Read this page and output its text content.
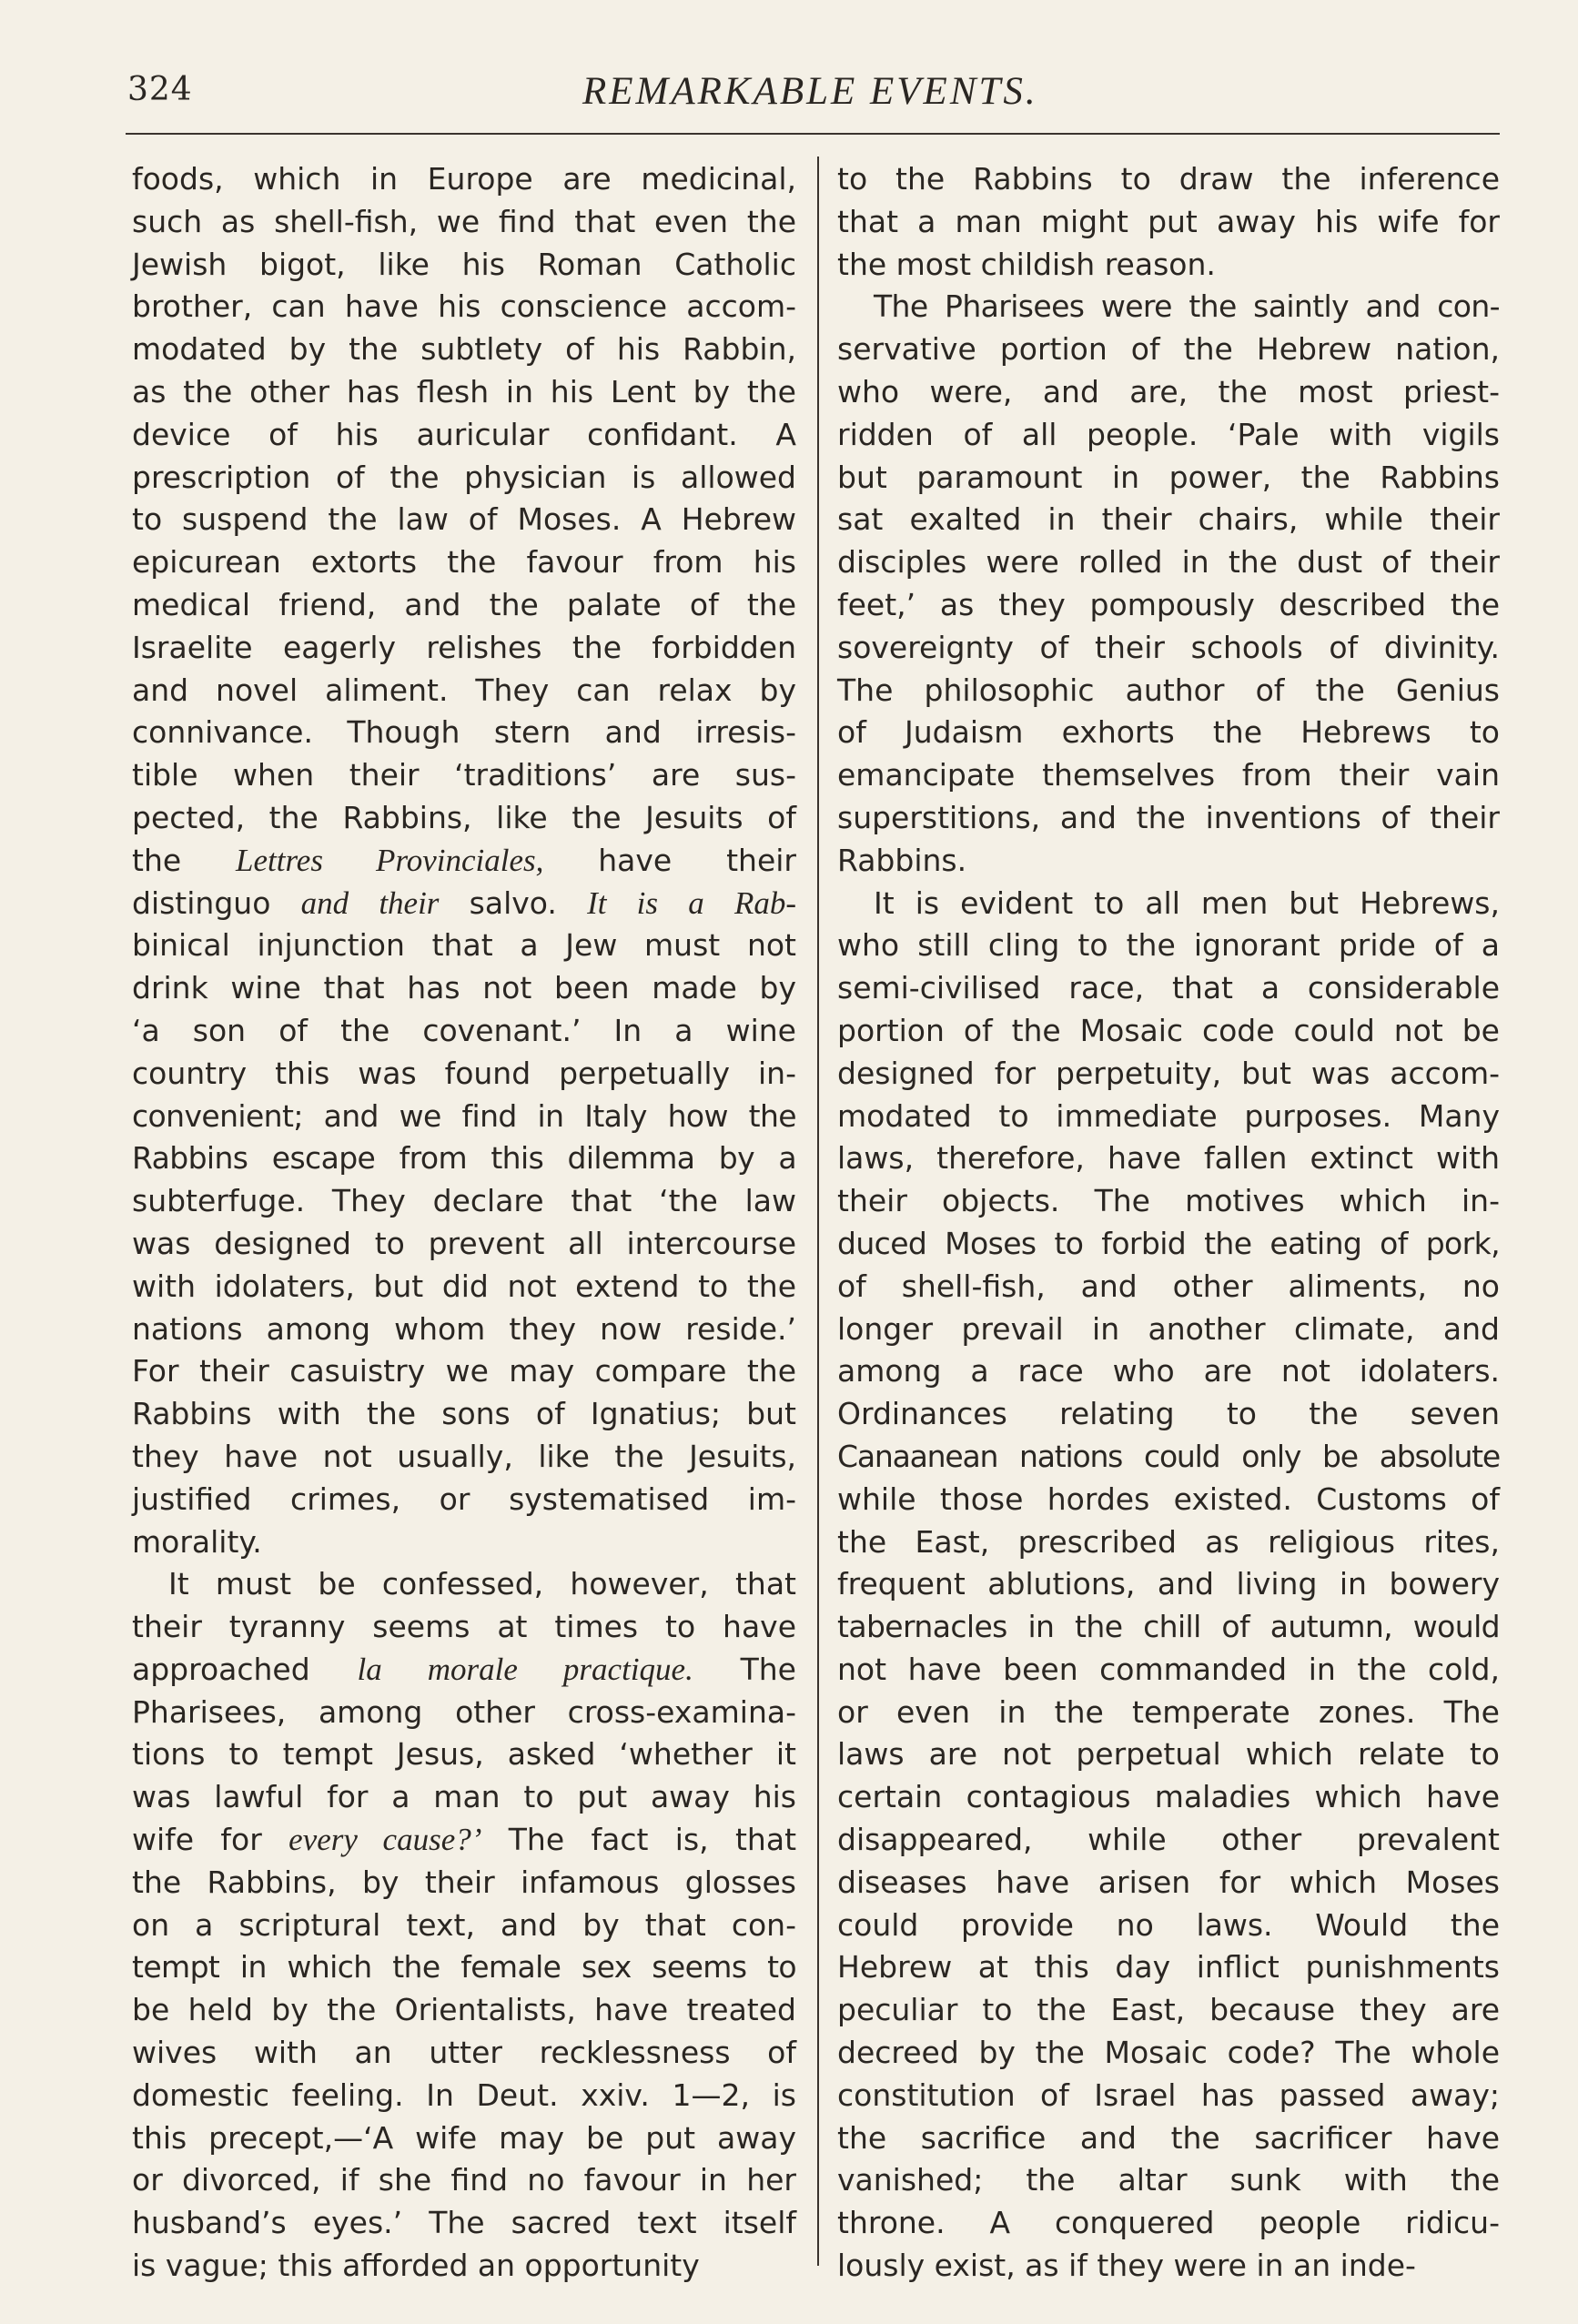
324	REMARKABLE EVENTS.
foods, which in Europe are medicinal,
such as shell-fish, we find that even the
Jewish bigot, like his Roman Catholic
brother, can have his conscience accom-
modated by the subtlety of his Rabbin,
as the other has flesh in his Lent by the
device of his auricular confidant. A
prescription of the physician is allowed
to suspend the law of Moses. A Hebrew
epicurean extorts the favour from his
medical friend, and the palate of the
Israelite eagerly relishes the forbidden
and novel aliment. They can relax by
connivance. Though stern and irresis-
tible when their ‘traditions’ are sus-
pected, the Rabbins, like the Jesuits of
the Lettres Provinciales, have their
distinguo and their salvo. It is a Rab-
binical injunction that a Jew must not
drink wine that has not been made by
‘a son of the covenant.’ In a wine
country this was found perpetually in-
convenient; and we find in Italy how the
Rabbins escape from this dilemma by a
subterfuge. They declare that ‘the law
was designed to prevent all intercourse
with idolaters, but did not extend to the
nations among whom they now reside.’
For their casuistry we may compare the
Rabbins with the sons of Ignatius; but
they have not usually, like the Jesuits,
justified crimes, or systematised im-
morality.
It must be confessed, however, that
their tyranny seems at times to have
approached la morale practique. The
Pharisees, among other cross-examina-
tions to tempt Jesus, asked ‘whether it
was lawful for a man to put away his
wife for every cause?’ The fact is, that
the Rabbins, by their infamous glosses
on a scriptural text, and by that con-
tempt in which the female sex seems to
be held by the Orientalists, have treated
wives with an utter recklessness of
domestic feeling. In Deut. xxiv. 1—2, is
this precept,—‘A wife may be put away
or divorced, if she find no favour in her
husband’s eyes.’ The sacred text itself
is vague; this afforded an opportunity
to the Rabbins to draw the inference
that a man might put away his wife for
the most childish reason.
The Pharisees were the saintly and con-
servative portion of the Hebrew nation,
who were, and are, the most priest-
ridden of all people. ‘Pale with vigils
but paramount in power, the Rabbins
sat exalted in their chairs, while their
disciples were rolled in the dust of their
feet,’ as they pompously described the
sovereignty of their schools of divinity.
The philosophic author of the Genius
of Judaism exhorts the Hebrews to
emancipate themselves from their vain
superstitions, and the inventions of their
Rabbins.
It is evident to all men but Hebrews,
who still cling to the ignorant pride of a
semi-civilised race, that a considerable
portion of the Mosaic code could not be
designed for perpetuity, but was accom-
modated to immediate purposes. Many
laws, therefore, have fallen extinct with
their objects. The motives which in-
duced Moses to forbid the eating of pork,
of shell-fish, and other aliments, no
longer prevail in another climate, and
among a race who are not idolaters.
Ordinances relating to the seven
Canaanean nations could only be absolute
while those hordes existed. Customs of
the East, prescribed as religious rites,
frequent ablutions, and living in bowery
tabernacles in the chill of autumn, would
not have been commanded in the cold,
or even in the temperate zones. The
laws are not perpetual which relate to
certain contagious maladies which have
disappeared, while other prevalent
diseases have arisen for which Moses
could provide no laws. Would the
Hebrew at this day inflict punishments
peculiar to the East, because they are
decreed by the Mosaic code? The whole
constitution of Israel has passed away;
the sacrifice and the sacrificer have
vanished; the altar sunk with the
throne. A conquered people ridicu-
lously exist, as if they were in an inde-
